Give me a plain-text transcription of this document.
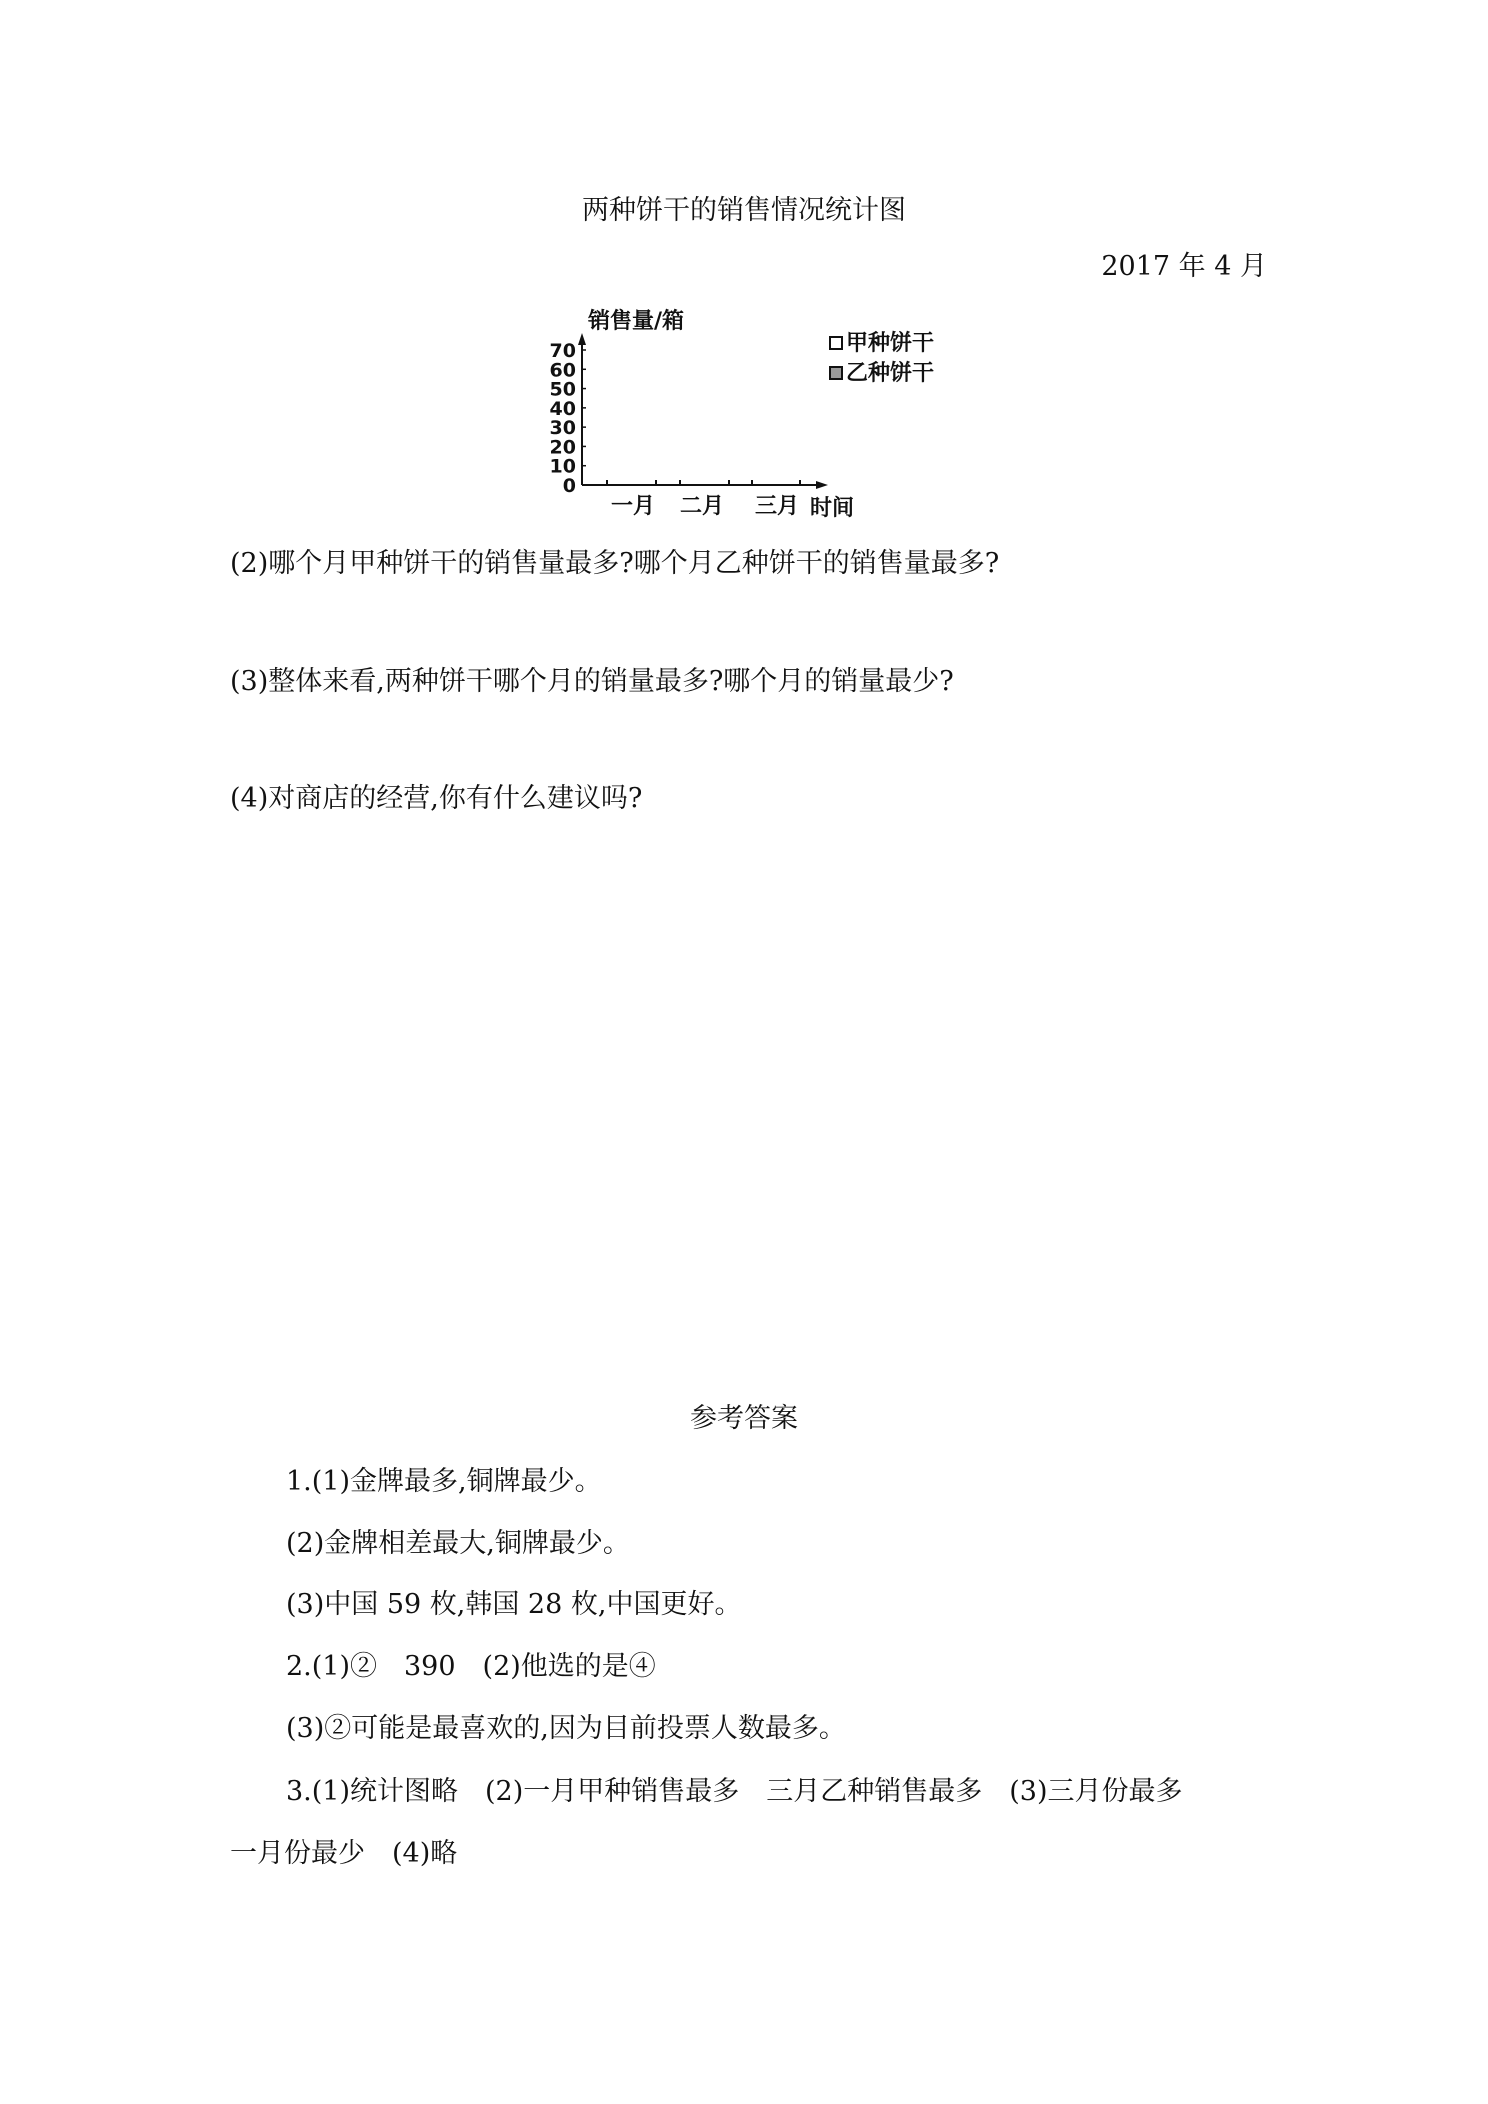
两种饼干的销售情况统计图
2017 年 4 月
销售量/箱
0
10
20
30
40
50
60
70
一月 二月 三月 时间
甲种饼干
乙种饼干
(2)哪个月甲种饼干的销售量最多?哪个月乙种饼干的销售量最多?
(3)整体来看,两种饼干哪个月的销量最多?哪个月的销量最少?
(4)对商店的经营,你有什么建议吗?
参考答案
1.(1)金牌最多,铜牌最少。
(2)金牌相差最大,铜牌最少。
(3)中国 59 枚,韩国 28 枚,中国更好。
2.(1)②　390　(2)他选的是④
(3)②可能是最喜欢的,因为目前投票人数最多。
3.(1)统计图略　(2)一月甲种销售最多　三月乙种销售最多　(3)三月份最多
一月份最少　(4)略
